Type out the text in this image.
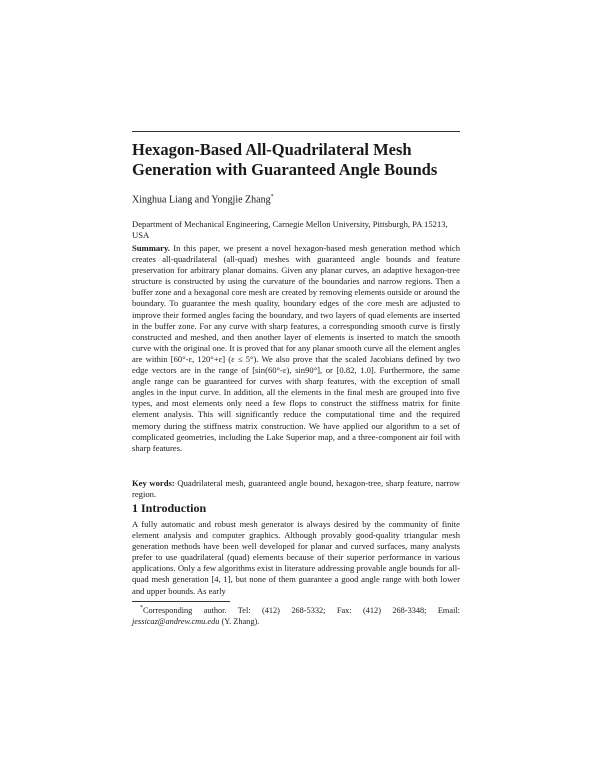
Hexagon-Based All-Quadrilateral Mesh Generation with Guaranteed Angle Bounds
Xinghua Liang and Yongjie Zhang*
Department of Mechanical Engineering, Carnegie Mellon University, Pittsburgh, PA 15213, USA

Summary. In this paper, we present a novel hexagon-based mesh generation method which creates all-quadrilateral (all-quad) meshes with guaranteed angle bounds and feature preservation for arbitrary planar domains. Given any planar curves, an adaptive hexagon-tree structure is constructed by using the curvature of the boundaries and narrow regions. Then a buffer zone and a hexagonal core mesh are created by removing elements outside or around the boundary. To guarantee the mesh quality, boundary edges of the core mesh are adjusted to improve their formed angles facing the boundary, and two layers of quad elements are inserted in the buffer zone. For any curve with sharp features, a corresponding smooth curve is firstly constructed and meshed, and then another layer of elements is inserted to match the smooth curve with the original one. It is proved that for any planar smooth curve all the element angles are within [60°-ε, 120°+ε] (ε ≤ 5°). We also prove that the scaled Jacobians defined by two edge vectors are in the range of [sin(60°-ε), sin90°], or [0.82, 1.0]. Furthermore, the same angle range can be guaranteed for curves with sharp features, with the exception of small angles in the input curve. In addition, all the elements in the final mesh are grouped into five types, and most elements only need a few flops to construct the stiffness matrix for finite element analysis. This will significantly reduce the computational time and the required memory during the stiffness matrix construction. We have applied our algorithm to a set of complicated geometries, including the Lake Superior map, and a three-component air foil with sharp features.

Key words: Quadrilateral mesh, guaranteed angle bound, hexagon-tree, sharp feature, narrow region.

1 Introduction

A fully automatic and robust mesh generator is always desired by the community of finite element analysis and computer graphics. Although provably good-quality triangular mesh generation methods have been well developed for planar and curved surfaces, many analysts prefer to use quadrilateral (quad) elements because of their superior performance in various applications. Only a few algorithms exist in literature addressing provable angle bounds for all-quad mesh generation [4, 1], but none of them guarantee a good angle range with both lower and upper bounds. As early

*Corresponding author. Tel: (412) 268-5332; Fax: (412) 268-3348; Email: jessicaz@andrew.cmu.edu (Y. Zhang).
